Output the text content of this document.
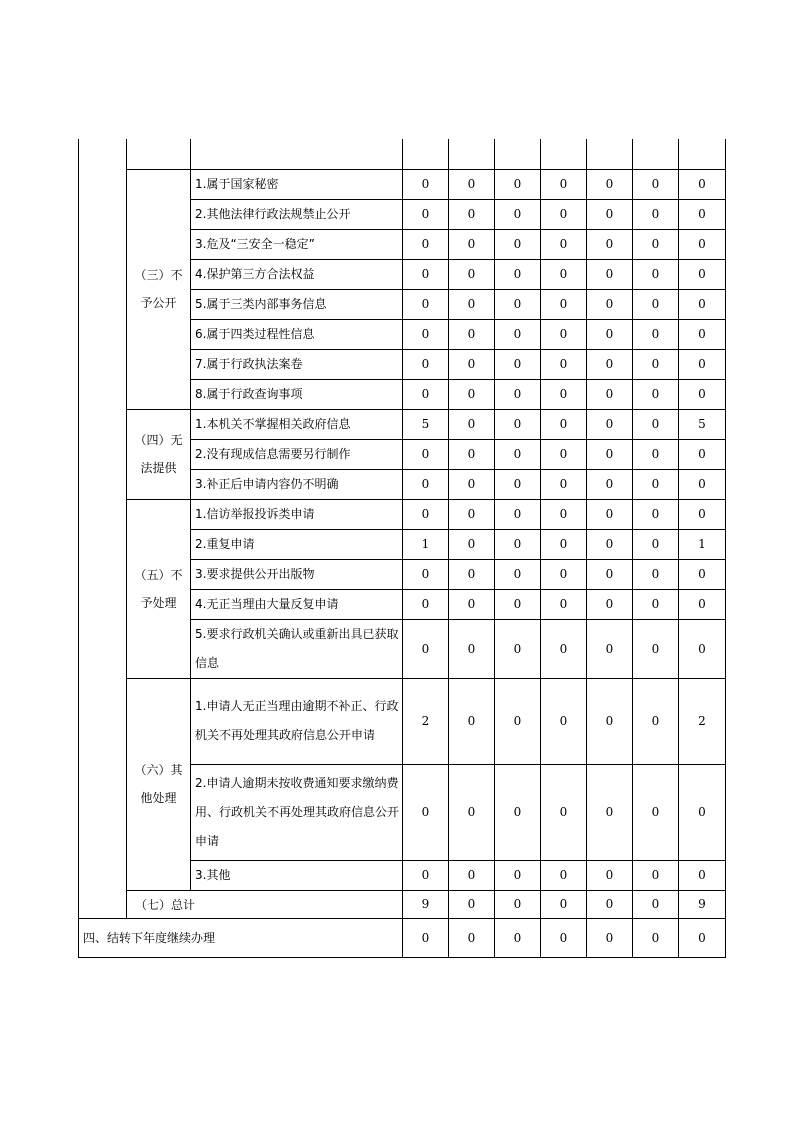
	（三）不予公开	1.属于国家秘密	0	0	0	0	0	0	0
		2.其他法律行政法规禁止公开	0	0	0	0	0	0	0
		3.危及“三安全一稳定”	0	0	0	0	0	0	0
		4.保护第三方合法权益	0	0	0	0	0	0	0
		5.属于三类内部事务信息	0	0	0	0	0	0	0
		6.属于四类过程性信息	0	0	0	0	0	0	0
		7.属于行政执法案卷	0	0	0	0	0	0	0
		8.属于行政查询事项	0	0	0	0	0	0	0
	（四）无法提供	1.本机关不掌握相关政府信息	5	0	0	0	0	0	5
		2.没有现成信息需要另行制作	0	0	0	0	0	0	0
		3.补正后申请内容仍不明确	0	0	0	0	0	0	0
	（五）不予处理	1.信访举报投诉类申请	0	0	0	0	0	0	0
		2.重复申请	1	0	0	0	0	0	1
		3.要求提供公开出版物	0	0	0	0	0	0	0
		4.无正当理由大量反复申请	0	0	0	0	0	0	0
		5.要求行政机关确认或重新出具已获取信息	0	0	0	0	0	0	0
	（六）其他处理	1.申请人无正当理由逾期不补正、行政机关不再处理其政府信息公开申请	2	0	0	0	0	0	2
		2.申请人逾期未按收费通知要求缴纳费用、行政机关不再处理其政府信息公开申请	0	0	0	0	0	0	0
		3.其他	0	0	0	0	0	0	0
	（七）总计		9	0	0	0	0	0	9
四、结转下年度继续办理			0	0	0	0	0	0	0
